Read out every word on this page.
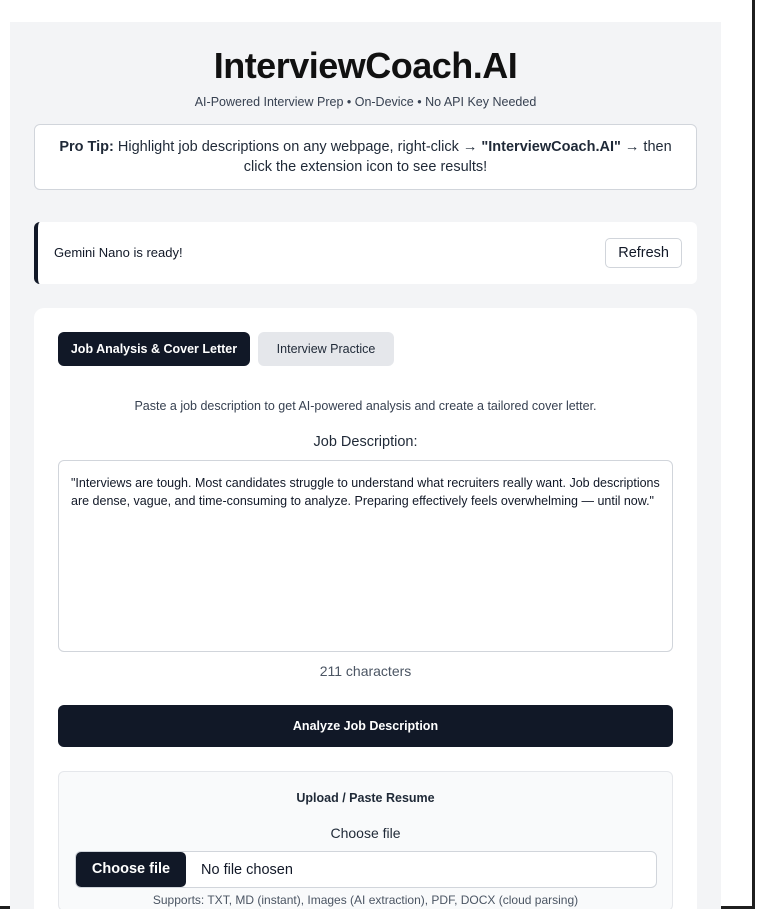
InterviewCoach.AI
AI-Powered Interview Prep • On-Device • No API Key Needed
Pro Tip: Highlight job descriptions on any webpage, right-click → "InterviewCoach.AI" → then click the extension icon to see results!
Gemini Nano is ready!	Refresh
Job Analysis & Cover Letter	Interview Practice
Paste a job description to get AI-powered analysis and create a tailored cover letter.
Job Description:
"Interviews are tough. Most candidates struggle to understand what recruiters really want. Job descriptions are dense, vague, and time-consuming to analyze. Preparing effectively feels overwhelming — until now."
211 characters
Analyze Job Description
Upload / Paste Resume
Choose file
Choose file	No file chosen
Supports: TXT, MD (instant), Images (AI extraction), PDF, DOCX (cloud parsing)
